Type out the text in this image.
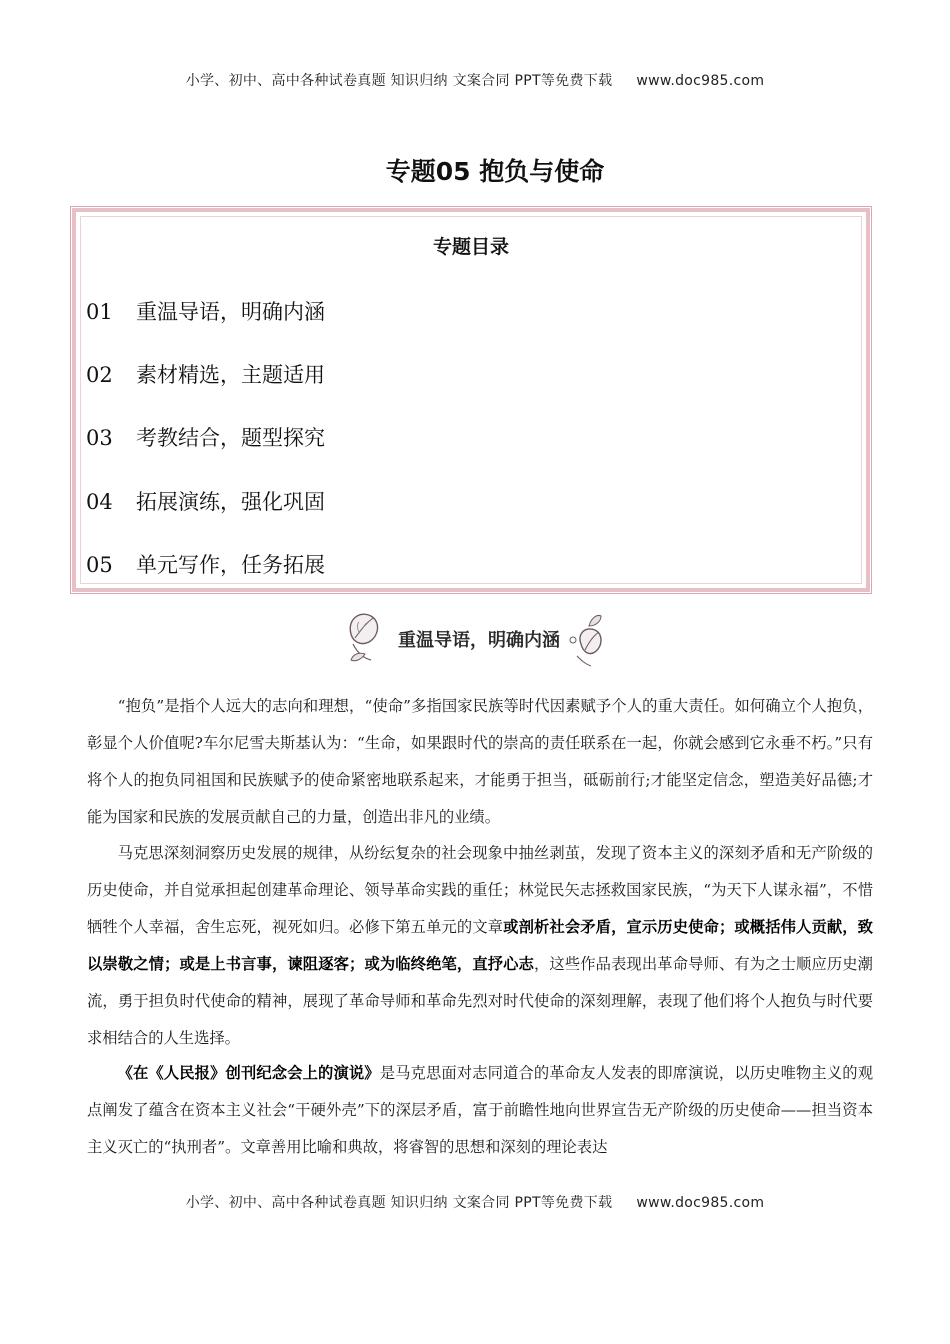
小学、初中、高中各种试卷真题 知识归纳 文案合同 PPT等免费下载 www.doc985.com
专题05 抱负与使命
专题目录
01 重温导语，明确内涵
02 素材精选，主题适用
03 考教结合，题型探究
04 拓展演练，强化巩固
05 单元写作，任务拓展
重温导语，明确内涵

“抱负”是指个人远大的志向和理想，“使命”多指国家民族等时代因素赋予个人的重大责任。如何确立个人抱负，彰显个人价值呢?车尔尼雪夫斯基认为：“生命，如果跟时代的崇高的责任联系在一起，你就会感到它永垂不朽。”只有将个人的抱负同祖国和民族赋予的使命紧密地联系起来，才能勇于担当，砥砺前行;才能坚定信念，塑造美好品德;才能为国家和民族的发展贡献自己的力量，创造出非凡的业绩。

马克思深刻洞察历史发展的规律，从纷纭复杂的社会现象中抽丝剥茧，发现了资本主义的深刻矛盾和无产阶级的历史使命，并自觉承担起创建革命理论、领导革命实践的重任；林觉民矢志拯救国家民族，“为天下人谋永福”，不惜牺牲个人幸福，舍生忘死，视死如归。必修下第五单元的文章或剖析社会矛盾，宣示历史使命；或概括伟人贡献，致以崇敬之情；或是上书言事，谏阻逐客；或为临终绝笔，直抒心志，这些作品表现出革命导师、有为之士顺应历史潮流，勇于担负时代使命的精神，展现了革命导师和革命先烈对时代使命的深刻理解，表现了他们将个人抱负与时代要求相结合的人生选择。

《在《人民报》创刊纪念会上的演说》是马克思面对志同道合的革命友人发表的即席演说，以历史唯物主义的观点阐发了蕴含在资本主义社会“干硬外壳”下的深层矛盾，富于前瞻性地向世界宣告无产阶级的历史使命——担当资本主义灭亡的“执刑者”。文章善用比喻和典故，将睿智的思想和深刻的理论表达

小学、初中、高中各种试卷真题 知识归纳 文案合同 PPT等免费下载 www.doc985.com
